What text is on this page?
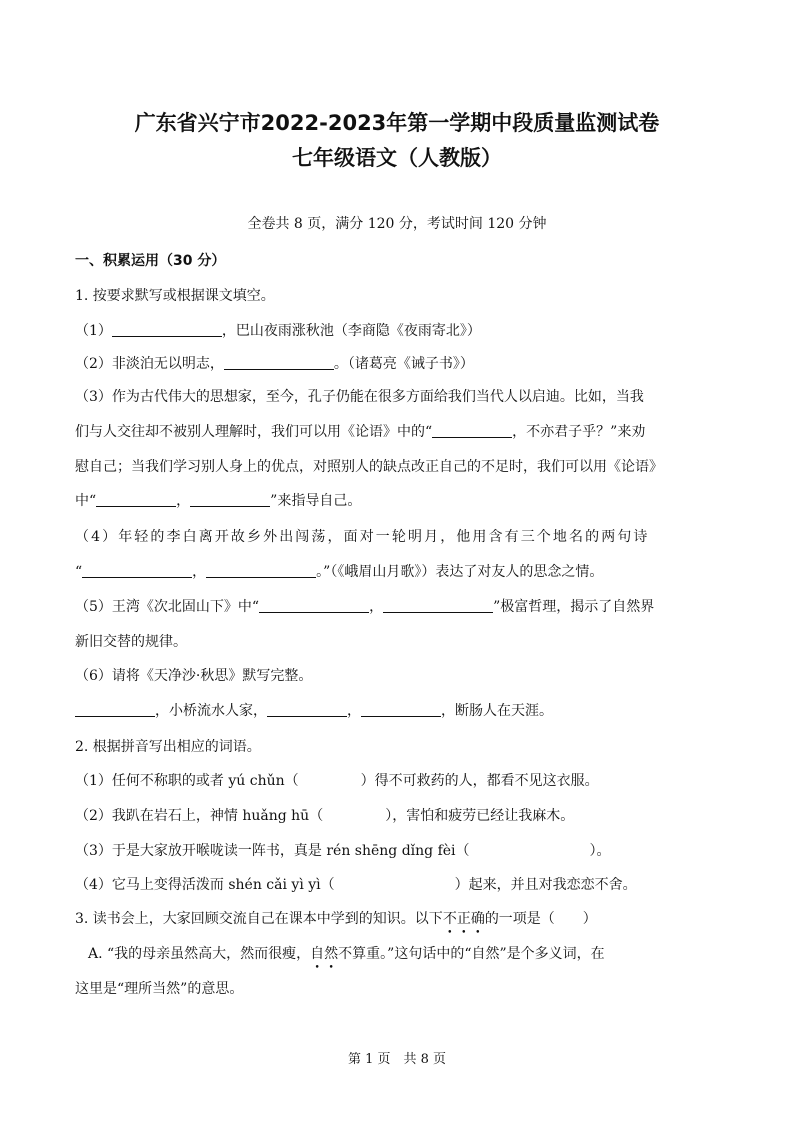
广东省兴宁市2022-2023年第一学期中段质量监测试卷
七年级语文（人教版）
全卷共 8 页，满分 120 分，考试时间 120 分钟
一、积累运用（30 分）
1. 按要求默写或根据课文填空。
（1）	，巴山夜雨涨秋池（李商隐《夜雨寄北》）
（2）非淡泊无以明志，	。（诸葛亮《诫子书》）
（3）作为古代伟大的思想家，至今，孔子仍能在很多方面给我们当代人以启迪。比如，当我
们与人交往却不被别人理解时，我们可以用《论语》中的“	，不亦君子乎？”来劝
慰自己；当我们学习别人身上的优点，对照别人的缺点改正自己的不足时，我们可以用《论语》
中“	，	”来指导自己。
（4）年轻的李白离开故乡外出闯荡，面对一轮明月，他用含有三个地名的两句诗
“	，	。”（《峨眉山月歌》）表达了对友人的思念之情。
（5）王湾《次北固山下》中“	，	”极富哲理，揭示了自然界
新旧交替的规律。
（6）请将《天净沙·秋思》默写完整。
，小桥流水人家，	，	，断肠人在天涯。
2. 根据拼音写出相应的词语。
（1）任何不称职的或者 yú chǔn（	）得不可救药的人，都看不见这衣服。
（2）我趴在岩石上，神情 huǎng hū（	），害怕和疲劳已经让我麻木。
（3）于是大家放开喉咙读一阵书，真是 rén shēng dǐng fèi（	）。
（4）它马上变得活泼而 shén cǎi yì yì（	）起来，并且对我恋恋不舍。
3. 读书会上，大家回顾交流自己在课本中学到的知识。以下不正确的一项是（　　）
A. “我的母亲虽然高大，然而很瘦，自然不算重。”这句话中的“自然”是个多义词，在
这里是“理所当然”的意思。
第 1 页　共 8 页
